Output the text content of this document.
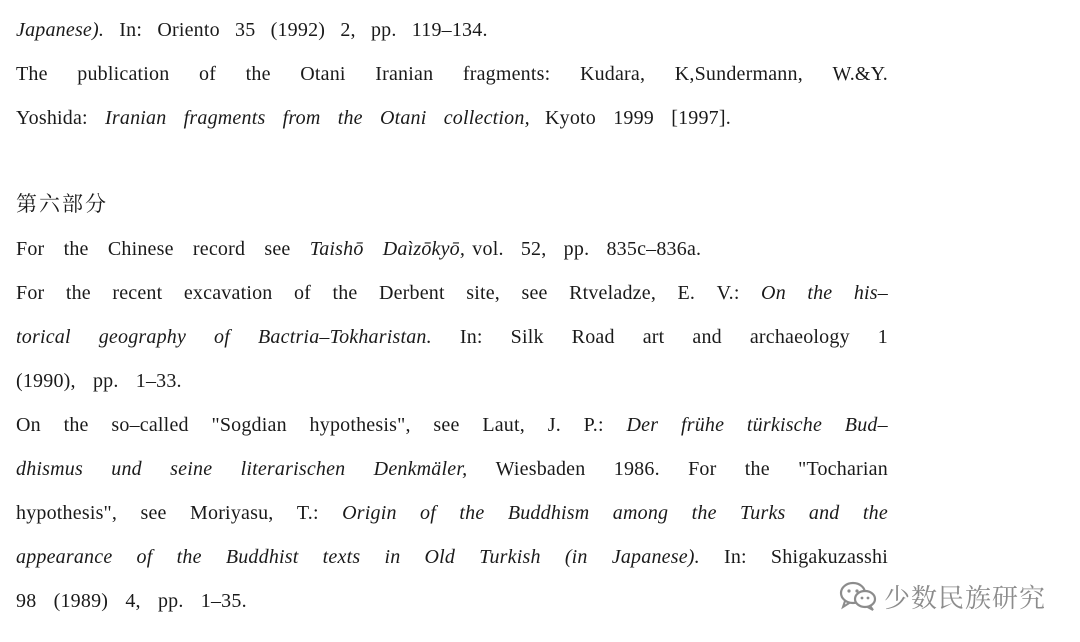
Japanese). In: Oriento 35 (1992) 2, pp. 119–134.
The publication of the Otani Iranian fragments: Kudara, K,Sundermann, W.&Y.
Yoshida: Iranian fragments from the Otani collection, Kyoto 1999 [1997].
第六部分
For the Chinese record see Taishō Daìzōkyō, vol. 52, pp. 835c–836a.
For the recent excavation of the Derbent site, see Rtveladze, E. V.: On the his–
torical geography of Bactria–Tokharistan. In: Silk Road art and archaeology 1
(1990), pp. 1–33.
On the so–called "Sogdian hypothesis", see Laut, J. P.: Der frühe türkische Bud–
dhismus und seine literarischen Denkmäler, Wiesbaden 1986. For the "Tocharian
hypothesis", see Moriyasu, T.: Origin of the Buddhism among the Turks and the
appearance of the Buddhist texts in Old Turkish (in Japanese). In: Shigakuzasshi
98 (1989) 4, pp. 1–35.	少数民族研究
